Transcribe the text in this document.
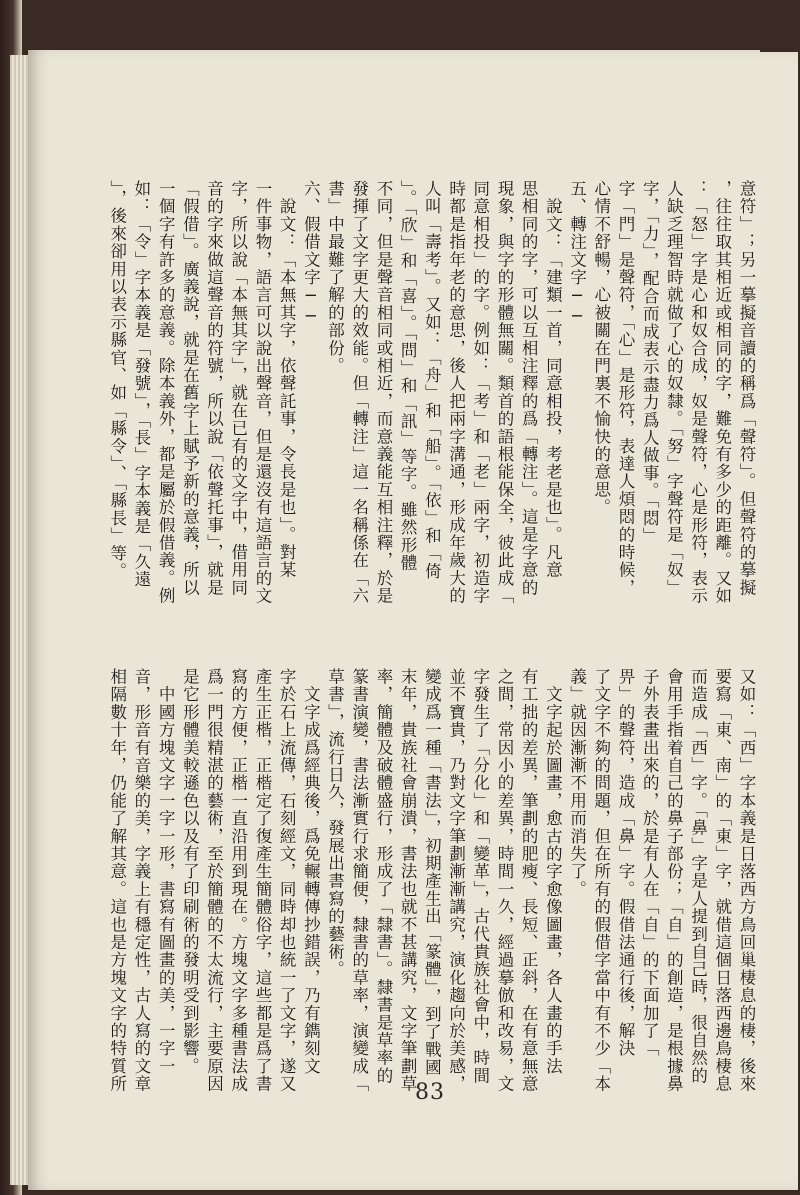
意符」；另一摹擬音讀的稱爲「聲符」。但聲符的摹擬
，往往取其相近或相同的字，難免有多少的距離。又如
：「怒」字是心和奴合成，奴是聲符，心是形符，表示
人缺乏理智時就做了心的奴隸。「努」字聲符是「奴」
字，「力」，配合而成表示盡力爲人做事。「悶」
字「門」是聲符，「心」是形符，表達人煩悶的時候，
心情不舒暢，心被關在門裏不愉快的意思。
五、轉注文字──
　說文：「建類一首，同意相投，考老是也」。凡意
思相同的字，可以互相注釋的爲「轉注」。這是字意的
現象，與字的形體無關。類首的語根能保全，彼此成「
同意相投」的字。例如：「考」和「老」兩字，初造字
時都是指年老的意思，後人把兩字溝通，形成年歲大的
人叫「壽考」。又如：「舟」和「船」。「依」和「倚
」。「欣」和「喜」。「問」和「訊」等字。雖然形體
不同，但是聲音相同或相近，而意義能互相注釋，於是
發揮了文字更大的效能。但「轉注」這一名稱係在「六
書」中最難了解的部份。
六、假借文字──
　說文：「本無其字，依聲託事，令長是也」。對某
一件事物，語言可以說出聲音，但是還沒有這語言的文
字，所以說「本無其字」，就在已有的文字中，借用同
音的字來做這聲音的符號，所以說「依聲托事」，就是
「假借」。廣義說，就是在舊字上賦予新的意義，所以
一個字有許多的意義。除本義外，都是屬於假借義。例
如：「令」字本義是「發號」，「長」字本義是「久遠
」，後來卻用以表示縣官、如「縣令」、「縣長」等。
又如：「西」字本義是日落西方鳥回巢棲息的棲，後來
要寫「東、南」的「東」字，就借這個日落西邊鳥棲息
而造成「西」字。「鼻」字是人提到自己時，很自然的
會用手指着自己的鼻子部份；「自」的創造，是根據鼻
子外表畫出來的，於是有人在「自」的下面加了「
畀」的聲符，造成「鼻」字。假借法通行後，解決
了文字不夠的問題，但在所有的假借字當中有不少「本
義」就因漸漸不用而消失了。
　文字起於圖畫，愈古的字愈像圖畫，各人畫的手法
有工拙的差異，筆劃的肥瘦、長短、正斜，在有意無意
之間，常因小的差異，時間一久，經過摹倣和改易，文
字發生了「分化」和「變革」，古代貴族社會中，時間
並不寶貴，乃對文字筆劃漸漸講究，演化趨向於美感，
變成爲一種「書法」，初期產生出「篆體」，到了戰國
末年，貴族社會崩潰，書法也就不甚講究，文字筆劃草
率，簡體及破體盛行，形成了「隸書」。隸書是草率的
篆書演變，書法漸實行求簡便，隸書的草率，演變成「
草書」，流行日久，發展出書寫的藝術。
　文字成爲經典後，爲免輾轉傳抄錯誤，乃有鐫刻文
字於石上流傳，石刻經文，同時却也統一了文字，遂又
產生正楷，正楷定了復產生簡體俗字，這些都是爲了書
寫的方便，正楷一直沿用到現在。方塊文字多種書法成
爲一門很精湛的藝術，至於簡體的不太流行，主要原因
是它形體美較遜色以及有了印刷術的發明受到影響。
　中國方塊文字一字一形，書寫有圖畫的美，一字一
音，形音有音樂的美，字義上有穩定性，古人寫的文章
相隔數十年，仍能了解其意。這也是方塊文字的特質所	83
